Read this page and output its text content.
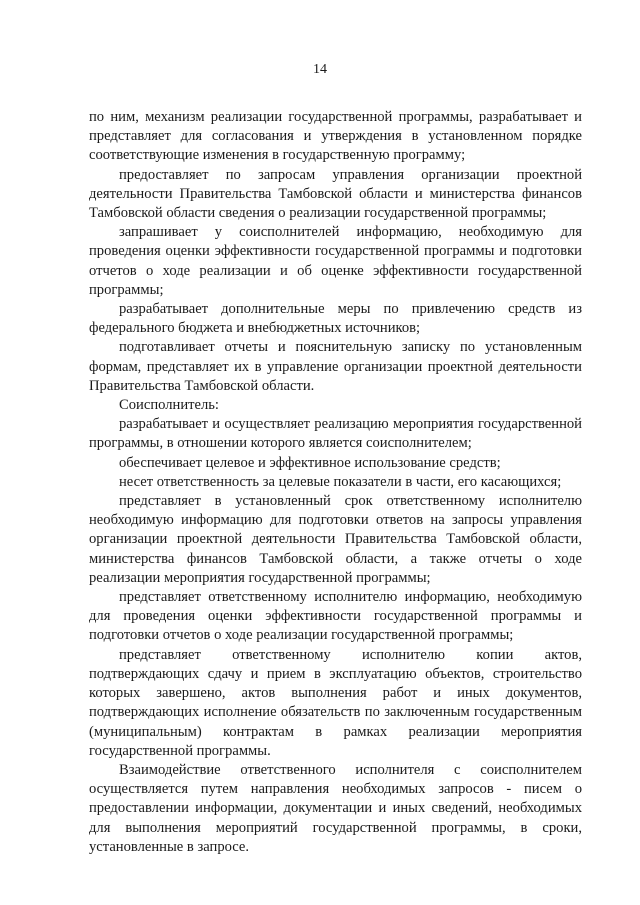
14

по ним, механизм реализации государственной программы, разрабатывает и представляет для согласования и утверждения в установленном порядке соответствующие изменения в государственную программу;

предоставляет по запросам управления организации проектной деятельности Правительства Тамбовской области и министерства финансов Тамбовской области сведения о реализации государственной программы;

запрашивает у соисполнителей информацию, необходимую для проведения оценки эффективности государственной программы и подготовки отчетов о ходе реализации и об оценке эффективности государственной программы;

разрабатывает дополнительные меры по привлечению средств из федерального бюджета и внебюджетных источников;

подготавливает отчеты и пояснительную записку по установленным формам, представляет их в управление организации проектной деятельности Правительства Тамбовской области.

Соисполнитель:

разрабатывает и осуществляет реализацию мероприятия государственной программы, в отношении которого является соисполнителем;

обеспечивает целевое и эффективное использование средств;

несет ответственность за целевые показатели в части, его касающихся;

представляет в установленный срок ответственному исполнителю необходимую информацию для подготовки ответов на запросы управления организации проектной деятельности Правительства Тамбовской области, министерства финансов Тамбовской области, а также отчеты о ходе реализации мероприятия государственной программы;

представляет ответственному исполнителю информацию, необходимую для проведения оценки эффективности государственной программы и подготовки отчетов о ходе реализации государственной программы;

представляет ответственному исполнителю копии актов, подтверждающих сдачу и прием в эксплуатацию объектов, строительство которых завершено, актов выполнения работ и иных документов, подтверждающих исполнение обязательств по заключенным государственным (муниципальным) контрактам в рамках реализации мероприятия государственной программы.

Взаимодействие ответственного исполнителя с соисполнителем осуществляется путем направления необходимых запросов - писем о предоставлении информации, документации и иных сведений, необходимых для выполнения мероприятий государственной программы, в сроки, установленные в запросе.
